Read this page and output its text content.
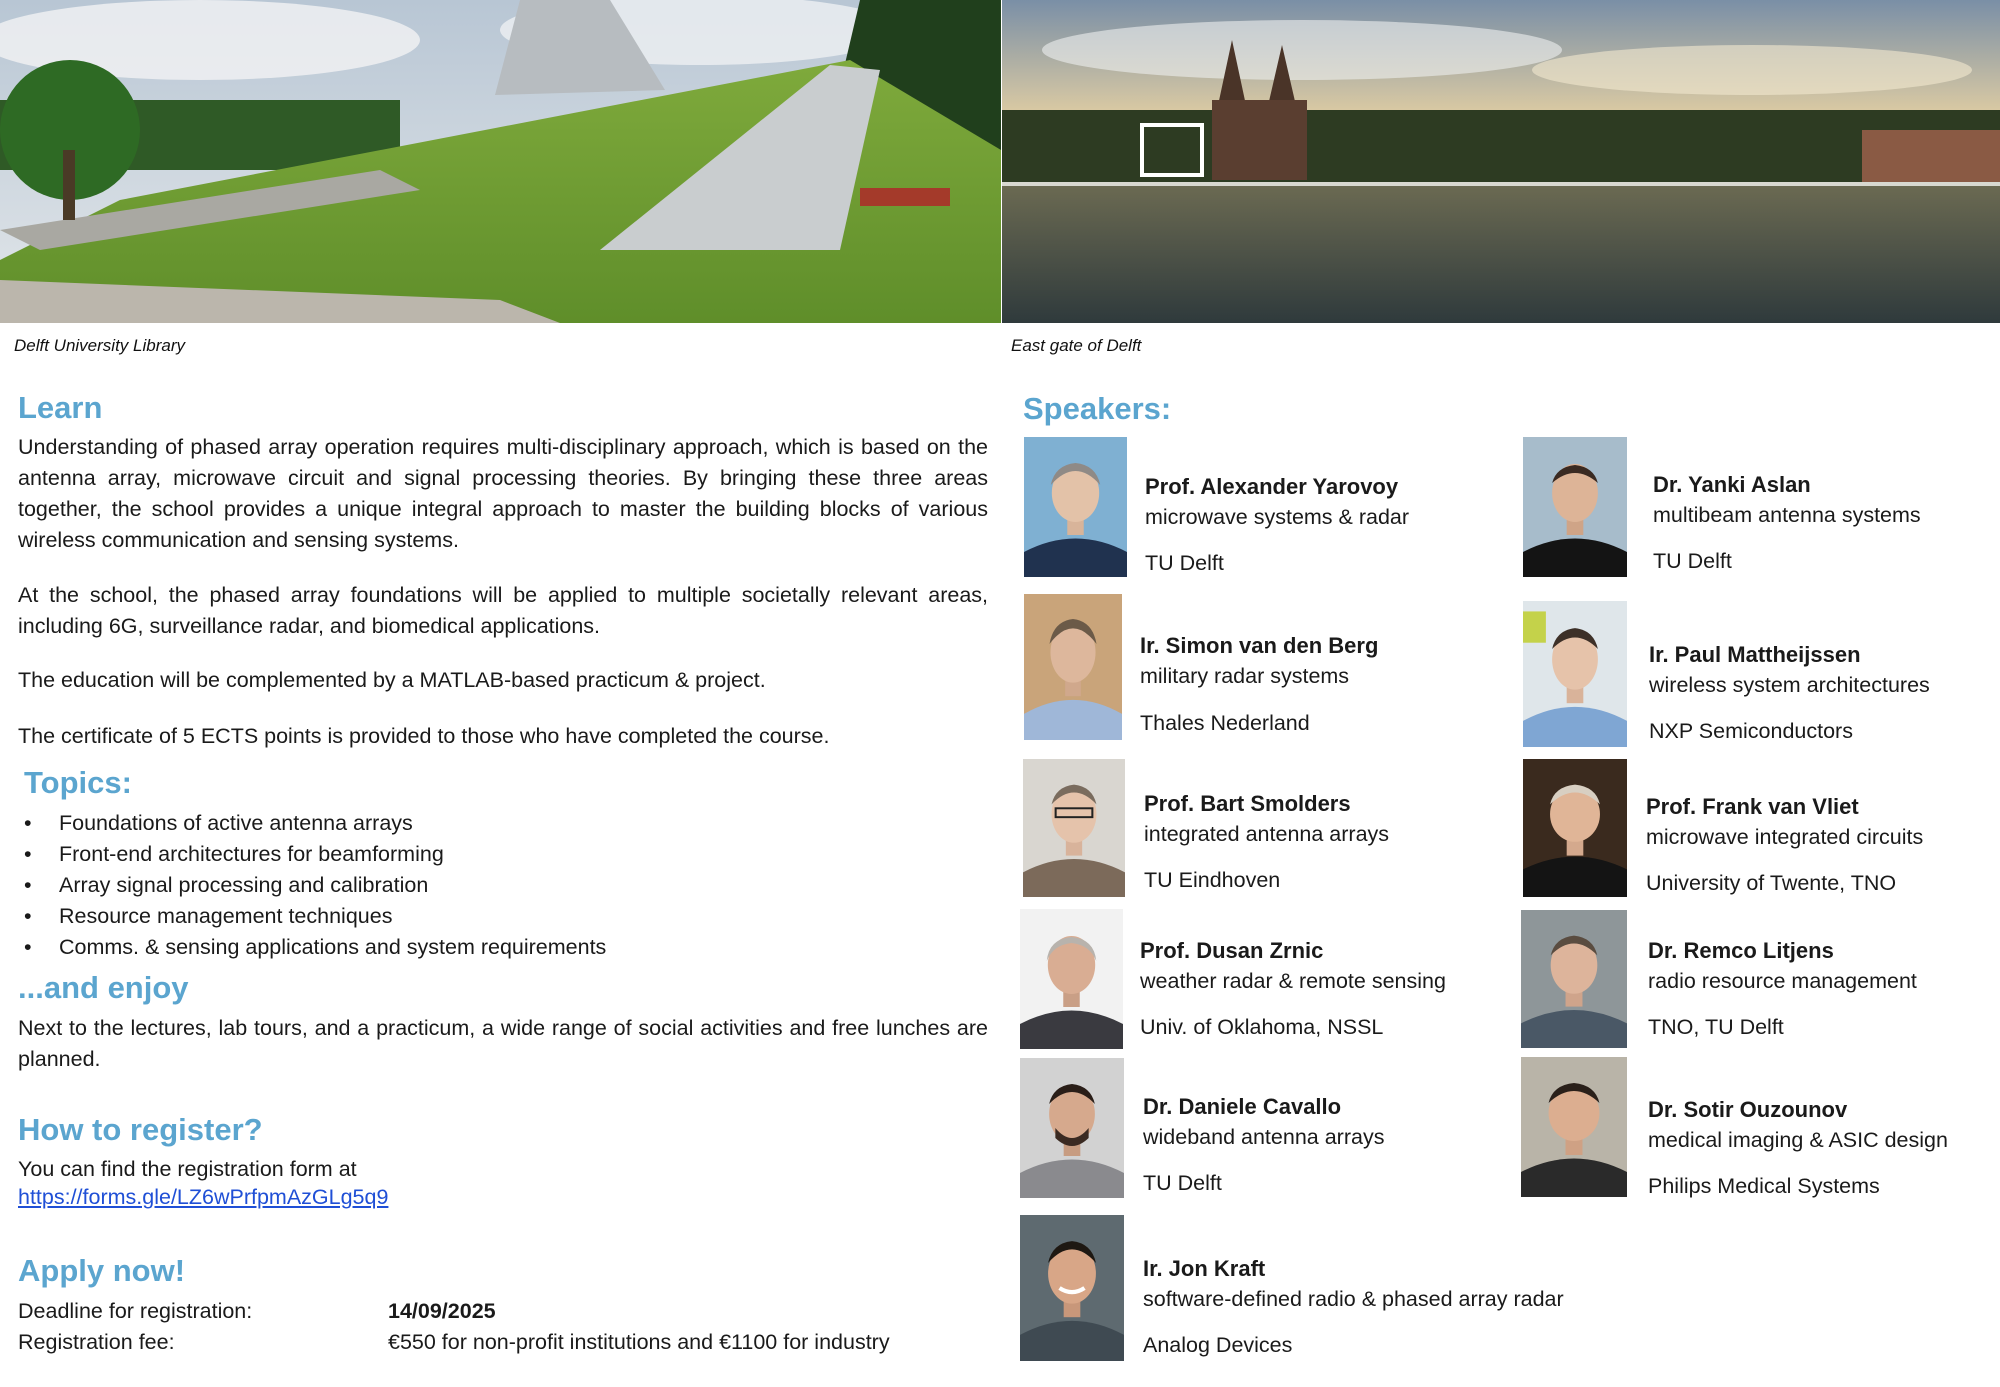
Delft University Library	East gate of Delft
Learn
Understanding of phased array operation requires multi-disciplinary approach, which is based on the antenna array, microwave circuit and signal processing theories. By bringing these three areas together, the school provides a unique integral approach to master the building blocks of various wireless communication and sensing systems.
At the school, the phased array foundations will be applied to multiple societally relevant areas, including 6G, surveillance radar, and biomedical applications.
The education will be complemented by a MATLAB-based practicum & project.
The certificate of 5 ECTS points is provided to those who have completed the course.
Topics:
• Foundations of active antenna arrays
• Front-end architectures for beamforming
• Array signal processing and calibration
• Resource management techniques
• Comms. & sensing applications and system requirements
...and enjoy
Next to the lectures, lab tours, and a practicum, a wide range of social activities and free lunches are planned.
How to register?
You can find the registration form at
https://forms.gle/LZ6wPrfpmAzGLg5q9
Apply now!
Deadline for registration:	14/09/2025
Registration fee:	€550 for non-profit institutions and €1100 for industry
Speakers:
Prof. Alexander Yarovoy
microwave systems & radar
TU Delft
Dr. Yanki Aslan
multibeam antenna systems
TU Delft
Ir. Simon van den Berg
military radar systems
Thales Nederland
Ir. Paul Mattheijssen
wireless system architectures
NXP Semiconductors
Prof. Bart Smolders
integrated antenna arrays
TU Eindhoven
Prof. Frank van Vliet
microwave integrated circuits
University of Twente, TNO
Prof. Dusan Zrnic
weather radar & remote sensing
Univ. of Oklahoma, NSSL
Dr. Remco Litjens
radio resource management
TNO, TU Delft
Dr. Daniele Cavallo
wideband antenna arrays
TU Delft
Dr. Sotir Ouzounov
medical imaging & ASIC design
Philips Medical Systems
Ir. Jon Kraft
software-defined radio & phased array radar
Analog Devices
